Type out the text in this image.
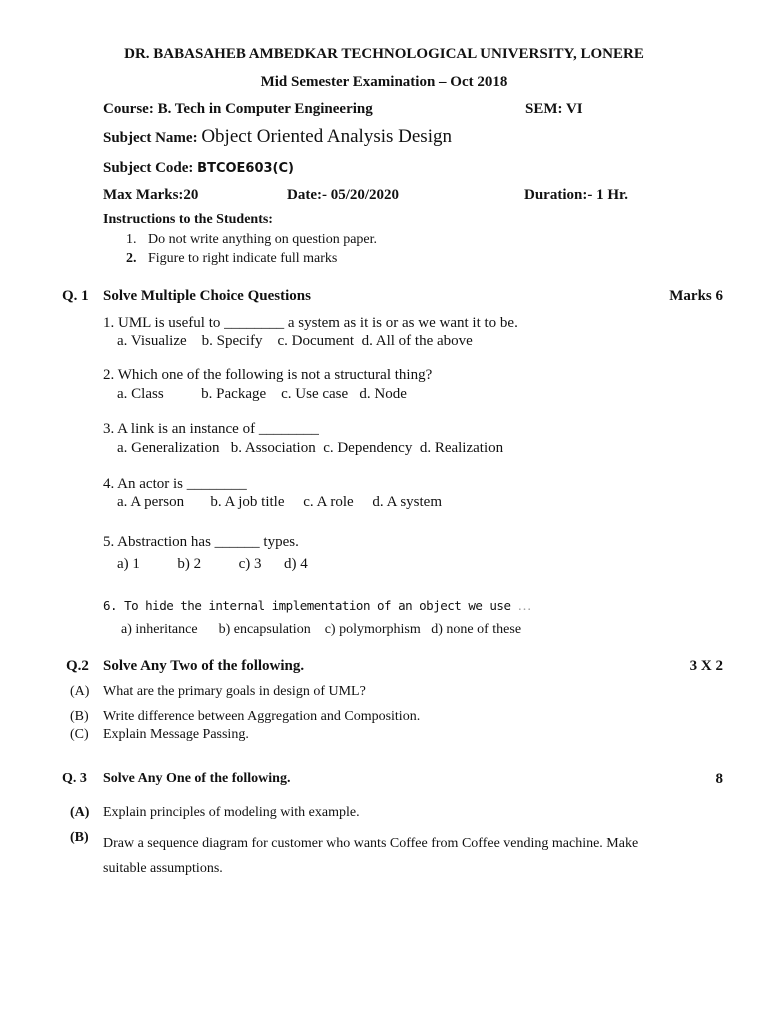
DR. BABASAHEB AMBEDKAR TECHNOLOGICAL UNIVERSITY, LONERE
Mid Semester Examination – Oct 2018
Course: B. Tech in Computer Engineering	SEM: VI
Subject Name: Object Oriented Analysis Design
Subject Code: BTCOE603(C)
Max Marks:20	Date:- 05/20/2020	Duration:- 1 Hr.
Instructions to the Students:
1. Do not write anything on question paper.
2. Figure to right indicate full marks
Q. 1 Solve Multiple Choice Questions	Marks 6
1. UML is useful to ________ a system as it is or as we want it to be.
a. Visualize    b. Specify    c. Document  d. All of the above
2. Which one of the following is not a structural thing?
a. Class          b. Package    c. Use case   d. Node
3. A link is an instance of ________
a. Generalization   b. Association  c. Dependency  d. Realization
4. An actor is ________
a. A person       b. A job title     c. A role     d. A system
5. Abstraction has ______ types.
a) 1          b) 2          c) 3      d) 4
6. To hide the internal implementation of an object we use …
a) inheritance      b) encapsulation    c) polymorphism   d) none of these
Q.2 Solve Any Two of the following.	3 X 2
(A) What are the primary goals in design of UML?
(B) Write difference between Aggregation and Composition.
(C) Explain Message Passing.
Q. 3 Solve Any One of the following.	8
(A) Explain principles of modeling with example.
(B) Draw a sequence diagram for customer who wants Coffee from Coffee vending machine. Make
suitable assumptions.
